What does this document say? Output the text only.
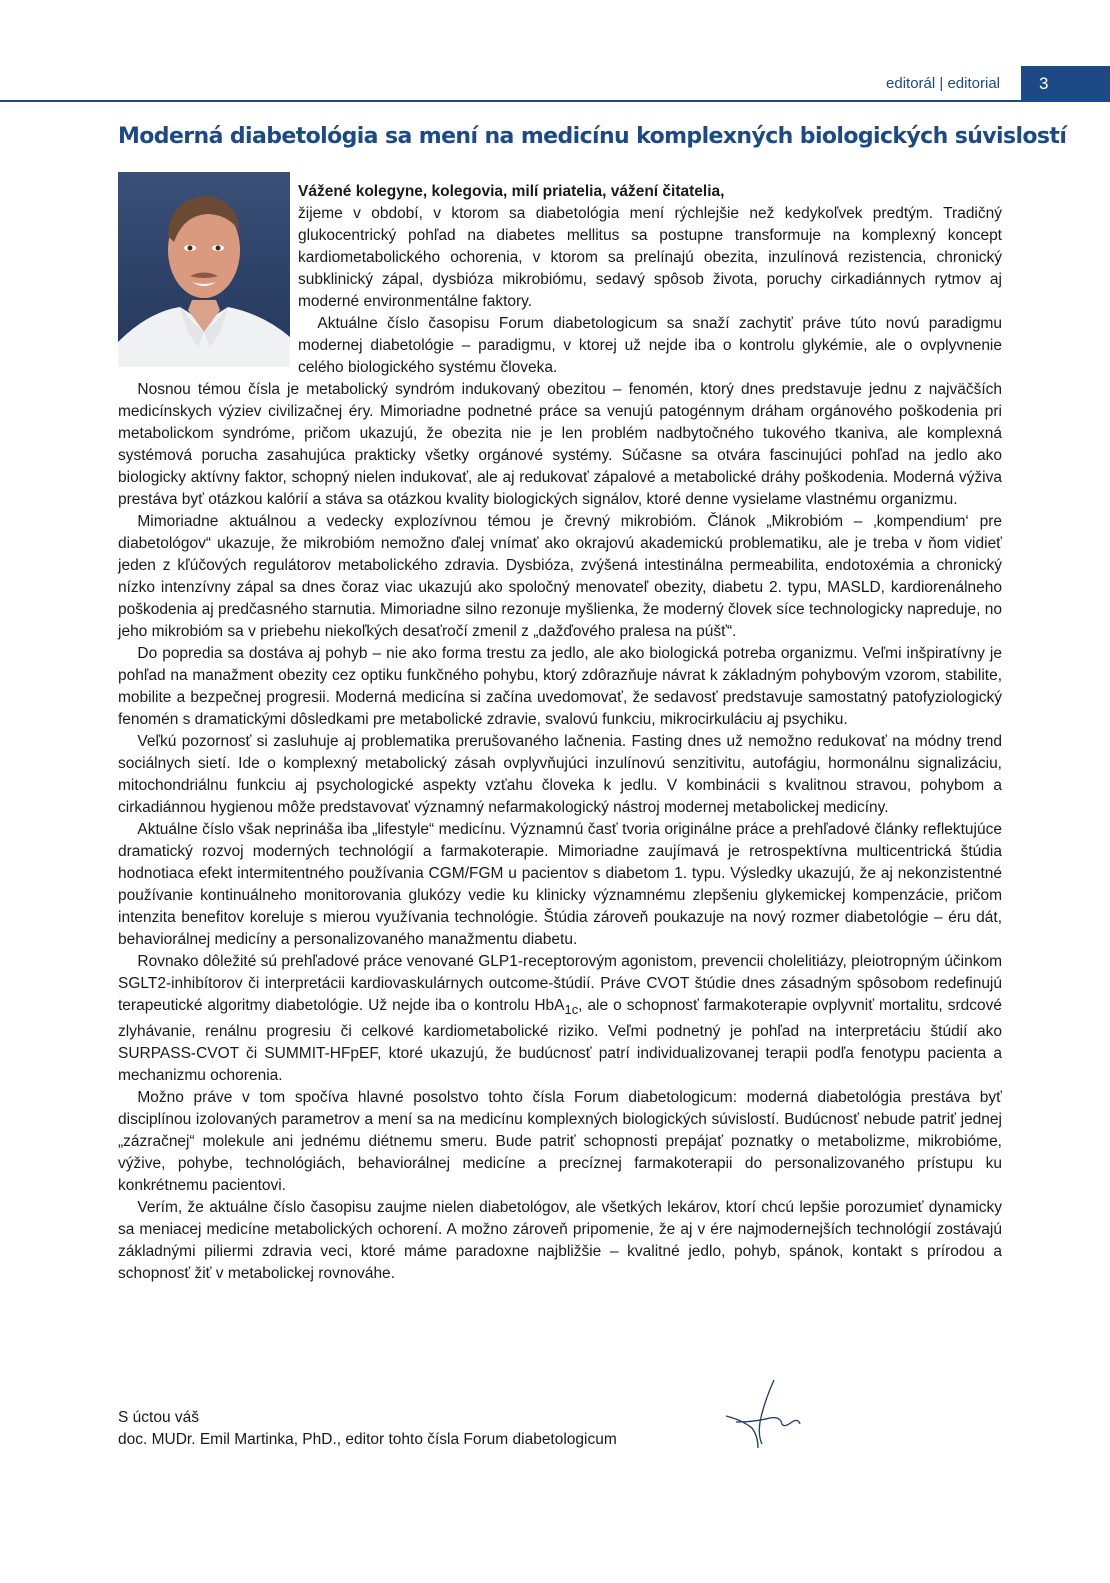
editorál | editorial	3
Moderná diabetológia sa mení na medicínu komplexných biologických súvislostí

Vážené kolegyne, kolegovia, milí priatelia, vážení čitatelia,
žijeme v období, v ktorom sa diabetológia mení rýchlejšie než kedykoľvek predtým. Tradičný glukocentrický pohľad na diabetes mellitus sa postupne transformuje na komplexný koncept kardiometabolického ochorenia, v ktorom sa prelínajú obezita, inzulínová rezistencia, chronický subklinický zápal, dysbióza mikrobiómu, sedavý spôsob života, poruchy cirkadiánnych rytmov aj moderné environmentálne faktory.

Aktuálne číslo časopisu Forum diabetologicum sa snaží zachytiť práve túto novú paradigmu modernej diabetológie – paradigmu, v ktorej už nejde iba o kontrolu glykémie, ale o ovplyvnenie celého biologického systému človeka.

Nosnou témou čísla je metabolický syndróm indukovaný obezitou – fenomén, ktorý dnes predstavuje jednu z najväčších medicínskych výziev civilizačnej éry. Mimoriadne podnetné práce sa venujú patogénnym dráham orgánového poškodenia pri metabolickom syndróme, pričom ukazujú, že obezita nie je len problém nadbytočného tukového tkaniva, ale komplexná systémová porucha zasahujúca prakticky všetky orgánové systémy. Súčasne sa otvára fascinujúci pohľad na jedlo ako biologicky aktívny faktor, schopný nielen indukovať, ale aj redukovať zápalové a metabolické dráhy poškodenia. Moderná výživa prestáva byť otázkou kalórií a stáva sa otázkou kvality biologických signálov, ktoré denne vysielame vlastnému organizmu.

Mimoriadne aktuálnou a vedecky explozívnou témou je črevný mikrobióm. Článok „Mikrobióm – ‚kompendium‘ pre diabetológov“ ukazuje, že mikrobióm nemožno ďalej vnímať ako okrajovú akademickú problematiku, ale je treba v ňom vidieť jeden z kľúčových regulátorov metabolického zdravia. Dysbióza, zvýšená intestinálna permeabilita, endotoxémia a chronický nízko intenzívny zápal sa dnes čoraz viac ukazujú ako spoločný menovateľ obezity, diabetu 2. typu, MASLD, kardiorenálneho poškodenia aj predčasného starnutia. Mimoriadne silno rezonuje myšlienka, že moderný človek síce technologicky napreduje, no jeho mikrobióm sa v priebehu niekoľkých desaťročí zmenil z „dažďového pralesa na púšť“.

Do popredia sa dostáva aj pohyb – nie ako forma trestu za jedlo, ale ako biologická potreba organizmu. Veľmi inšpiratívny je pohľad na manažment obezity cez optiku funkčného pohybu, ktorý zdôrazňuje návrat k základným pohybovým vzorom, stabilite, mobilite a bezpečnej progresii. Moderná medicína si začína uvedomovať, že sedavosť predstavuje samostatný patofyziologický fenomén s dramatickými dôsledkami pre metabolické zdravie, svalovú funkciu, mikrocirkuláciu aj psychiku.

Veľkú pozornosť si zasluhuje aj problematika prerušovaného lačnenia. Fasting dnes už nemožno redukovať na módny trend sociálnych sietí. Ide o komplexný metabolický zásah ovplyvňujúci inzulínovú senzitivitu, autofágiu, hormonálnu signalizáciu, mitochondriálnu funkciu aj psychologické aspekty vzťahu človeka k jedlu. V kombinácii s kvalitnou stravou, pohybom a cirkadiánnou hygienou môže predstavovať významný nefarmakologický nástroj modernej metabolickej medicíny.

Aktuálne číslo však neprináša iba „lifestyle“ medicínu. Významnú časť tvoria originálne práce a prehľadové články reflektujúce dramatický rozvoj moderných technológií a farmakoterapie. Mimoriadne zaujímavá je retrospektívna multicentrická štúdia hodnotiaca efekt intermitentného používania CGM/FGM u pacientov s diabetom 1. typu. Výsledky ukazujú, že aj nekonzistentné používanie kontinuálneho monitorovania glukózy vedie ku klinicky významnému zlepšeniu glykemickej kompenzácie, pričom intenzita benefitov koreluje s mierou využívania technológie. Štúdia zároveň poukazuje na nový rozmer diabetológie – éru dát, behaviorálnej medicíny a personalizovaného manažmentu diabetu.

Rovnako dôležité sú prehľadové práce venované GLP1-receptorovým agonistom, prevencii cholelitiázy, pleiotropným účinkom SGLT2-inhibítorov či interpretácii kardiovaskulárnych outcome-štúdií. Práve CVOT štúdie dnes zásadným spôsobom redefinujú terapeutické algoritmy diabetológie. Už nejde iba o kontrolu HbA$_{1c}$, ale o schopnosť farmakoterapie ovplyvniť mortalitu, srdcové zlyhávanie, renálnu progresiu či celkové kardiometabolické riziko. Veľmi podnetný je pohľad na interpretáciu štúdií ako SURPASS-CVOT či SUMMIT-HFpEF, ktoré ukazujú, že budúcnosť patrí individualizovanej terapii podľa fenotypu pacienta a mechanizmu ochorenia.

Možno práve v tom spočíva hlavné posolstvo tohto čísla Forum diabetologicum: moderná diabetológia prestáva byť disciplínou izolovaných parametrov a mení sa na medicínu komplexných biologických súvislostí. Budúcnosť nebude patriť jednej „zázračnej“ molekule ani jednému diétnemu smeru. Bude patriť schopnosti prepájať poznatky o metabolizme, mikrobióme, výžive, pohybe, technológiách, behaviorálnej medicíne a precíznej farmakoterapii do personalizovaného prístupu ku konkrétnemu pacientovi.

Verím, že aktuálne číslo časopisu zaujme nielen diabetológov, ale všetkých lekárov, ktorí chcú lepšie porozumieť dynamicky sa meniacej medicíne metabolických ochorení. A možno zároveň pripomenie, že aj v ére najmodernejších technológií zostávajú základnými piliermi zdravia veci, ktoré máme paradoxne najbližšie – kvalitné jedlo, pohyb, spánok, kontakt s prírodou a schopnosť žiť v metabolickej rovnováhe.

S úctou váš
doc. MUDr. Emil Martinka, PhD., editor tohto čísla Forum diabetologicum
